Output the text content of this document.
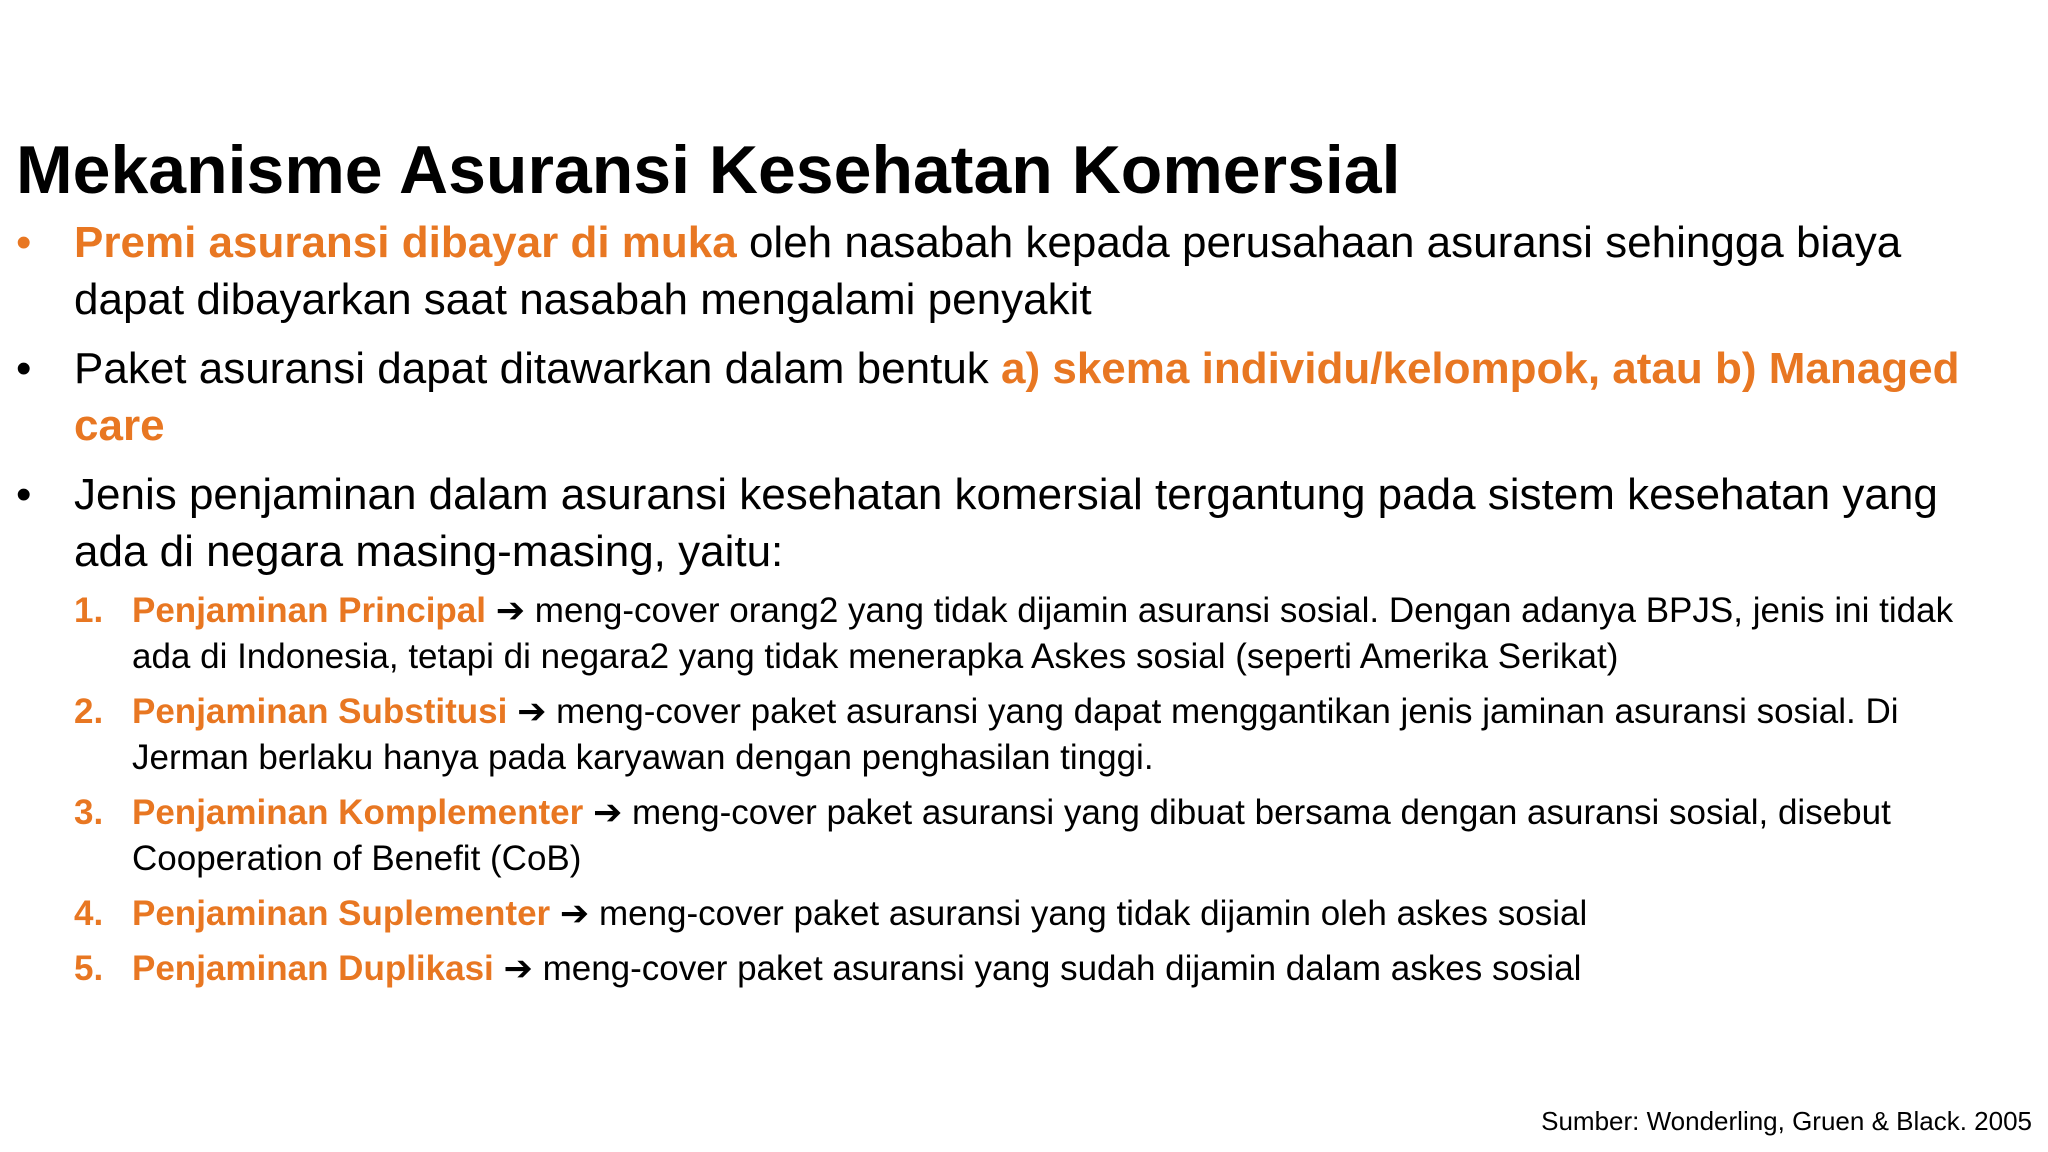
Mekanisme Asuransi Kesehatan Komersial
• Premi asuransi dibayar di muka oleh nasabah kepada perusahaan asuransi sehingga biaya dapat dibayarkan saat nasabah mengalami penyakit
• Paket asuransi dapat ditawarkan dalam bentuk a) skema individu/kelompok, atau b) Managed care
• Jenis penjaminan dalam asuransi kesehatan komersial tergantung pada sistem kesehatan yang ada di negara masing-masing, yaitu:
1. Penjaminan Principal ➔ meng-cover orang2 yang tidak dijamin asuransi sosial. Dengan adanya BPJS, jenis ini tidak ada di Indonesia, tetapi di negara2 yang tidak menerapka Askes sosial (seperti Amerika Serikat)
2. Penjaminan Substitusi ➔ meng-cover paket asuransi yang dapat menggantikan jenis jaminan asuransi sosial. Di Jerman berlaku hanya pada karyawan dengan penghasilan tinggi.
3. Penjaminan Komplementer ➔ meng-cover paket asuransi yang dibuat bersama dengan asuransi sosial, disebut Cooperation of Benefit (CoB)
4. Penjaminan Suplementer ➔ meng-cover paket asuransi yang tidak dijamin oleh askes sosial
5. Penjaminan Duplikasi ➔ meng-cover paket asuransi yang sudah dijamin dalam askes sosial
Sumber: Wonderling, Gruen & Black. 2005
